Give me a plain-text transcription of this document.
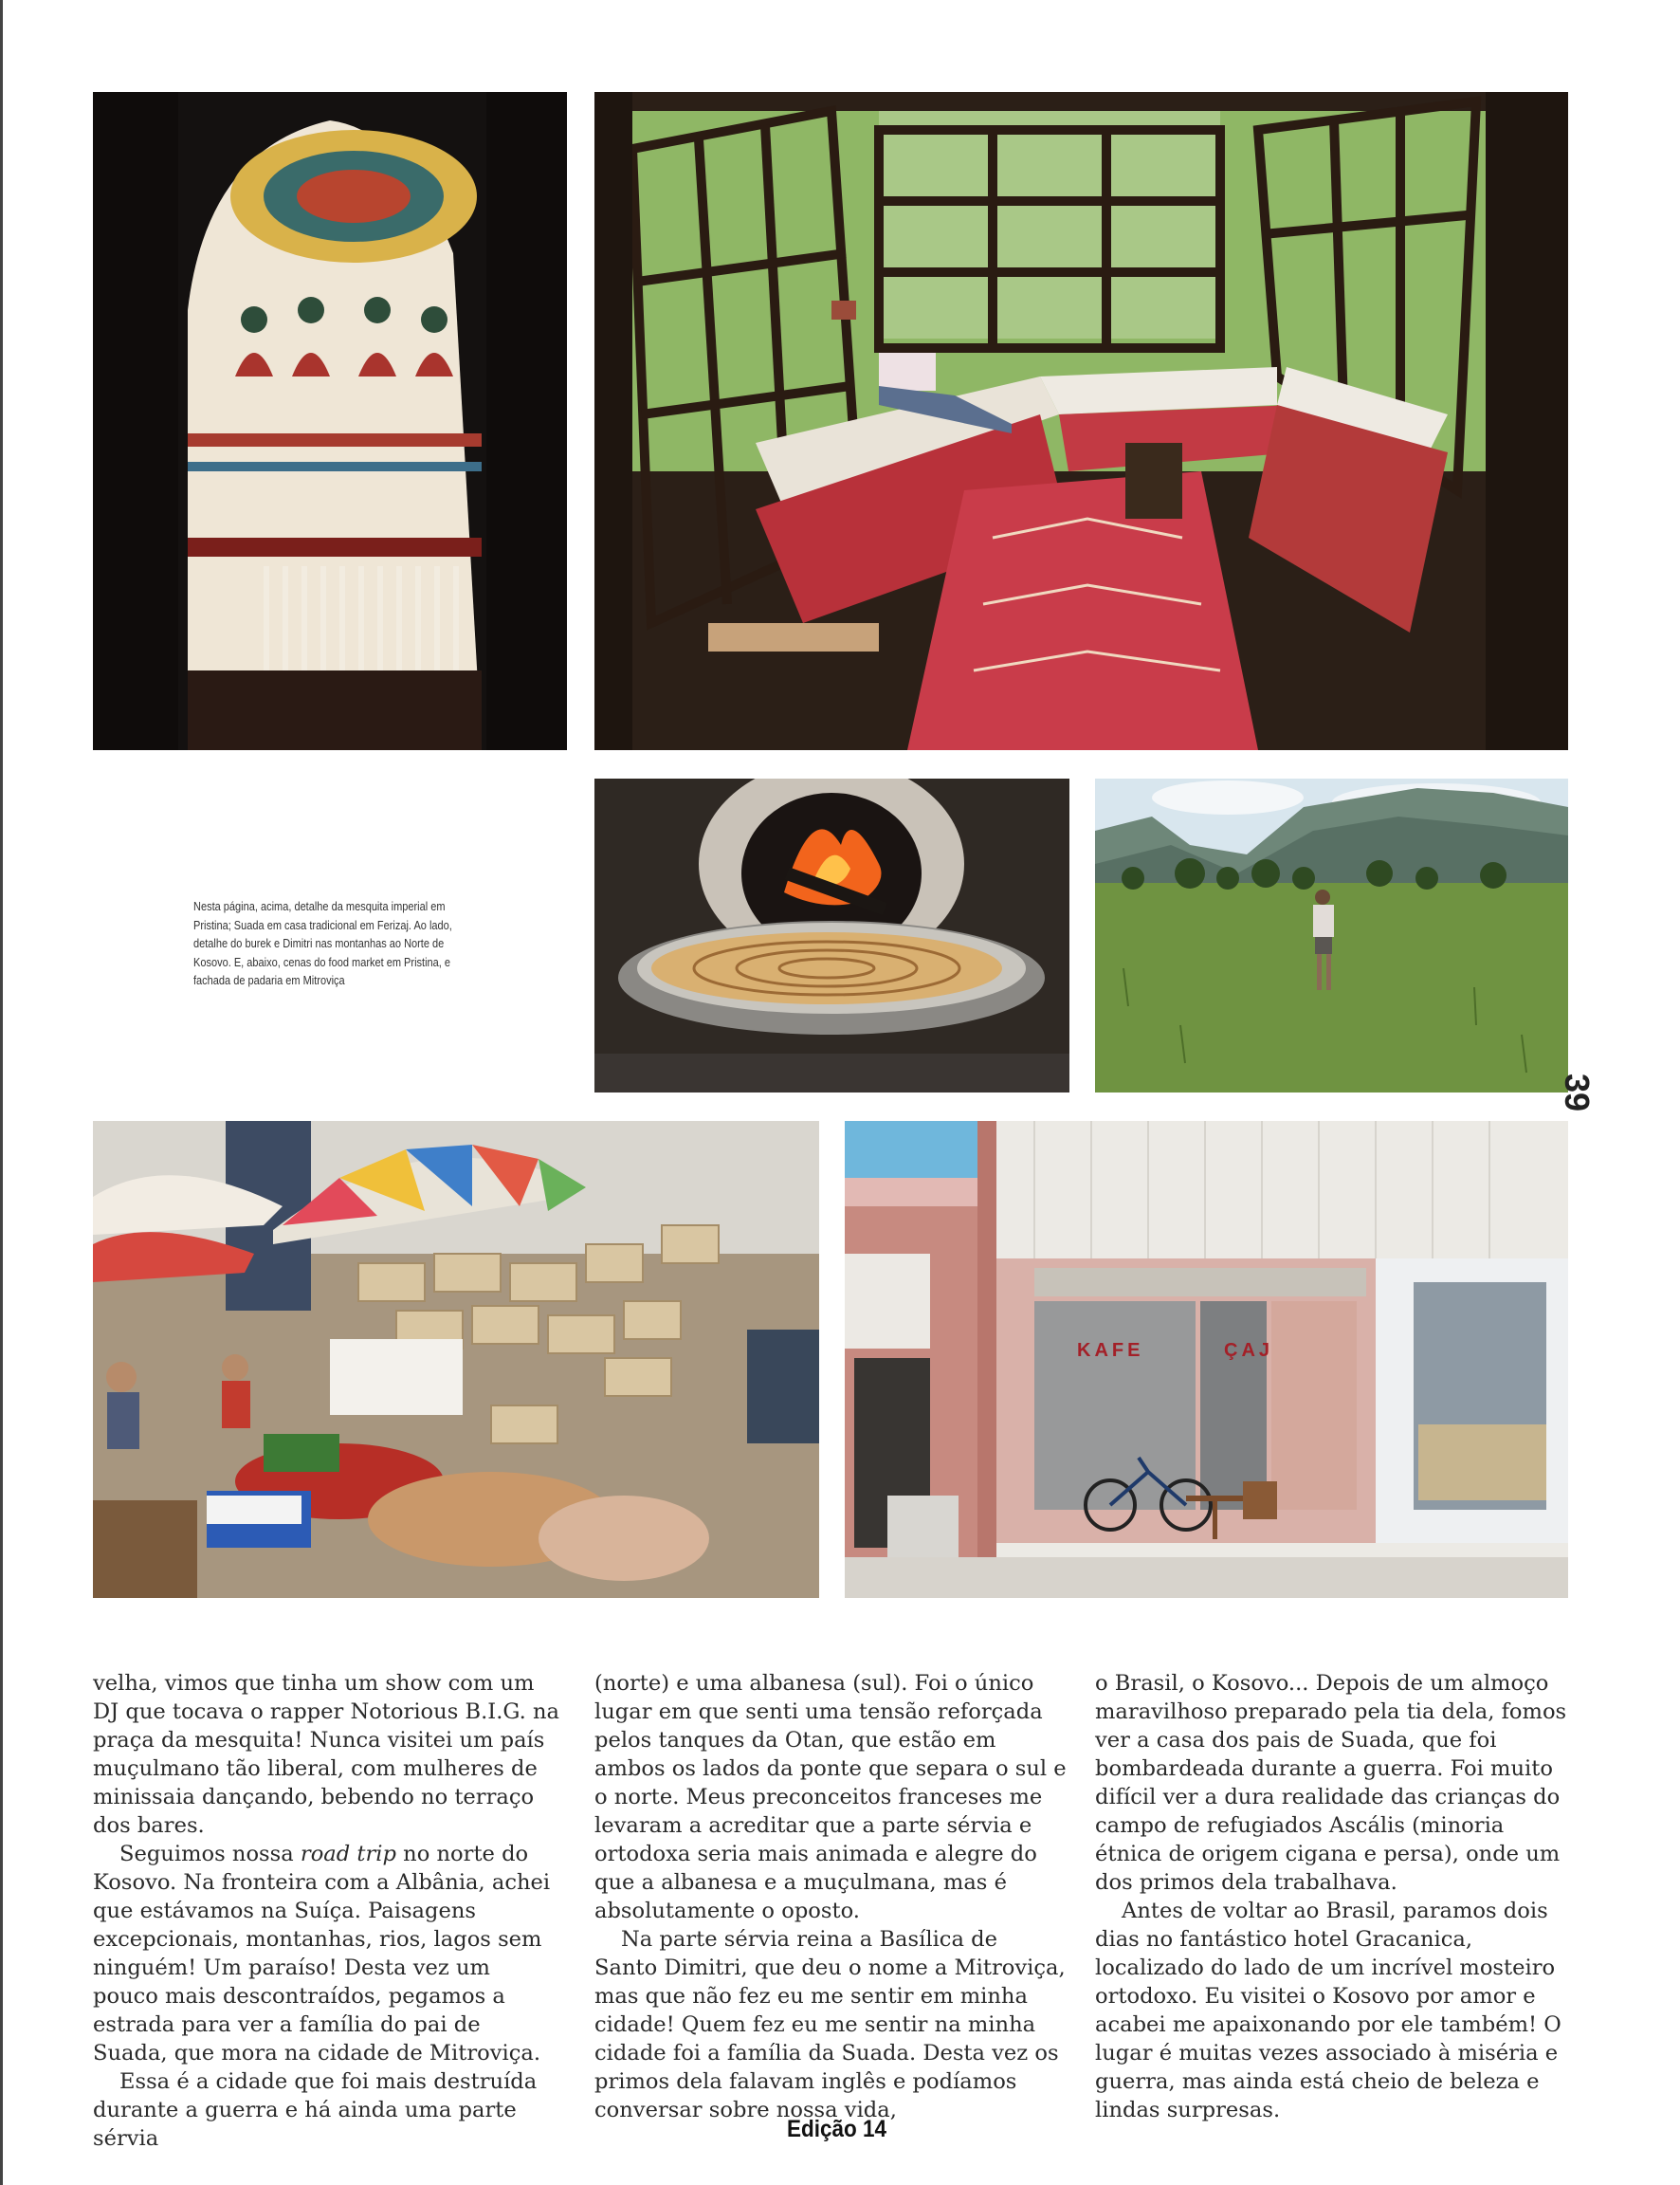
Nesta página, acima, detalhe da mesquita imperial em Pristina; Suada em casa tradicional em Ferizaj. Ao lado, detalhe do burek e Dimitri nas montanhas ao Norte de Kosovo. E, abaixo, cenas do food market em Pristina, e fachada de padaria em Mitroviça
39
KAFE	ÇAJ

velha, vimos que tinha um show com um DJ que tocava o rapper Notorious B.I.G. na praça da mesquita! Nunca visitei um país muçulmano tão liberal, com mulheres de minissaia dançando, bebendo no terraço dos bares.

Seguimos nossa road trip no norte do Kosovo. Na fronteira com a Albânia, achei que estávamos na Suíça. Paisagens excepcionais, montanhas, rios, lagos sem ninguém! Um paraíso! Desta vez um pouco mais descontraídos, pegamos a estrada para ver a família do pai de Suada, que mora na cidade de Mitroviça.

Essa é a cidade que foi mais destruída durante a guerra e há ainda uma parte sérvia

(norte) e uma albanesa (sul). Foi o único lugar em que senti uma tensão reforçada pelos tanques da Otan, que estão em ambos os lados da ponte que separa o sul e o norte. Meus preconceitos franceses me levaram a acreditar que a parte sérvia e ortodoxa seria mais animada e alegre do que a albanesa e a muçulmana, mas é absolutamente o oposto.

Na parte sérvia reina a Basílica de Santo Dimitri, que deu o nome a Mitroviça, mas que não fez eu me sentir em minha cidade! Quem fez eu me sentir na minha cidade foi a família da Suada. Desta vez os primos dela falavam inglês e podíamos conversar sobre nossa vida,

o Brasil, o Kosovo... Depois de um almoço maravilhoso preparado pela tia dela, fomos ver a casa dos pais de Suada, que foi bombardeada durante a guerra. Foi muito difícil ver a dura realidade das crianças do campo de refugiados Ascális (minoria étnica de origem cigana e persa), onde um dos primos dela trabalhava.

Antes de voltar ao Brasil, paramos dois dias no fantástico hotel Gracanica, localizado do lado de um incrível mosteiro ortodoxo. Eu visitei o Kosovo por amor e acabei me apaixonando por ele também! O lugar é muitas vezes associado à miséria e guerra, mas ainda está cheio de beleza e lindas surpresas.

Edição 14
